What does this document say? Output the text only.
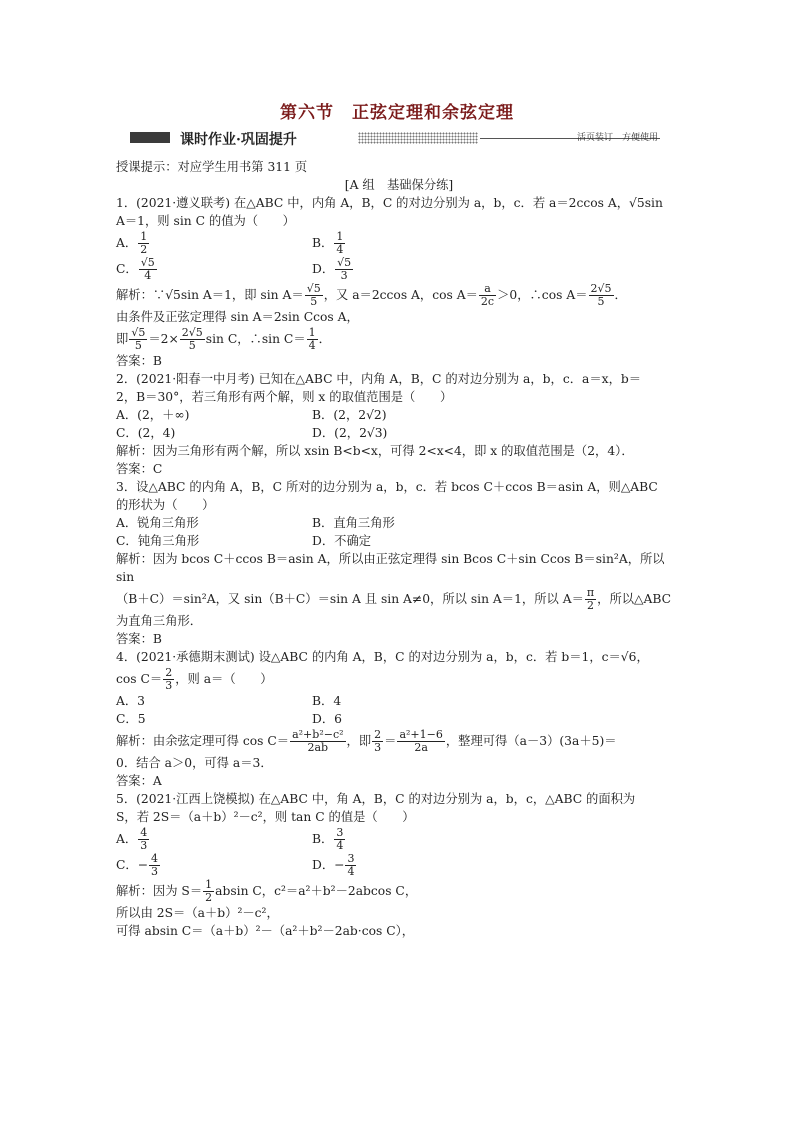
第六节　正弦定理和余弦定理
课时作业·巩固提升	活页装订　方便使用

授课提示：对应学生用书第 311 页

[A 组　基础保分练]

1．(2021·遵义联考) 在△ABC 中，内角 A，B，C 的对边分别为 a，b，c．若 a＝2ccos A，√5sin

A＝1，则 sin C 的值为（　　）

A． $\frac{1}{2}$	B． $\frac{1}{4}$
C． $\frac{√5}{4}$	D． $\frac{√5}{3}$

解析：∵√5sin A＝1，即 $\sin A= \frac{√5}{5}$ ，又 a＝2ccos A，$\cos A= \frac{a}{2c} >0$，∴cos $A= \frac{2√5}{5}$ ．

由条件及正弦定理得 sin A＝2sin Ccos A，

即 $\frac{√5}{5} =2\times \frac{2√5}{5}$ sin C，∴sin $C= \frac{1}{4}$ ．

答案：B

2．(2021·阳春一中月考) 已知在△ABC 中，内角 A，B，C 的对边分别为 a，b，c．a＝x，b＝

2，B＝30°，若三角形有两个解，则 x 的取值范围是（　　）

A．(2，＋∞)	B．(2，2√2)
C．(2，4)	D．(2，2√3)

解析：因为三角形有两个解，所以 xsin B<b<x，可得 2<x<4，即 x 的取值范围是（2，4）．

答案：C

3．设△ABC 的内角 A，B，C 所对的边分别为 a，b，c．若 bcos C＋ccos B＝asin A，则△ABC

的形状为（　　）

A．锐角三角形	B．直角三角形
C．钝角三角形	D．不确定

解析：因为 bcos C＋ccos B＝asin A，所以由正弦定理得 sin Bcos C＋sin Ccos B＝sin²A，所以 sin

（B＋C）＝sin²A，又 sin（B＋C）＝sin A 且 sin A≠0，所以 sin A＝1，所以 $A= \frac{\pi}{2}$ ，所以△ABC

为直角三角形．

答案：B

4．(2021·承德期末测试) 设△ABC 的内角 A，B，C 的对边分别为 a，b，c．若 b＝1，c＝√6，

$\cos C= \frac{2}{3}$ ，则 a＝（　　）

A．3	B．4
C．5	D．6

解析：由余弦定理可得 $\cos C= \frac{\text{a²+b²−c²}}{2ab}$ ，即 $\frac{2}{3} = \frac{\text{a²+1−6}}{2a}$ ，整理可得（a－3）(3a＋5)＝

0．结合 a＞0，可得 a＝3．

答案：A

5．(2021·江西上饶模拟) 在△ABC 中，角 A，B，C 的对边分别为 a，b，c，△ABC 的面积为

S，若 2S＝（a＋b）²－c²，则 tan C 的值是（　　）

A． $\frac{4}{3}$	B． $\frac{3}{4}$
C．− $\frac{4}{3}$	D．− $\frac{3}{4}$

解析：因为 $S= \frac{1}{2}$ absin C，c²＝a²＋b²－2abcos C，

所以由 2S＝（a＋b）²－c²，

可得 absin C＝（a＋b）²－（a²＋b²－2ab·cos C），
